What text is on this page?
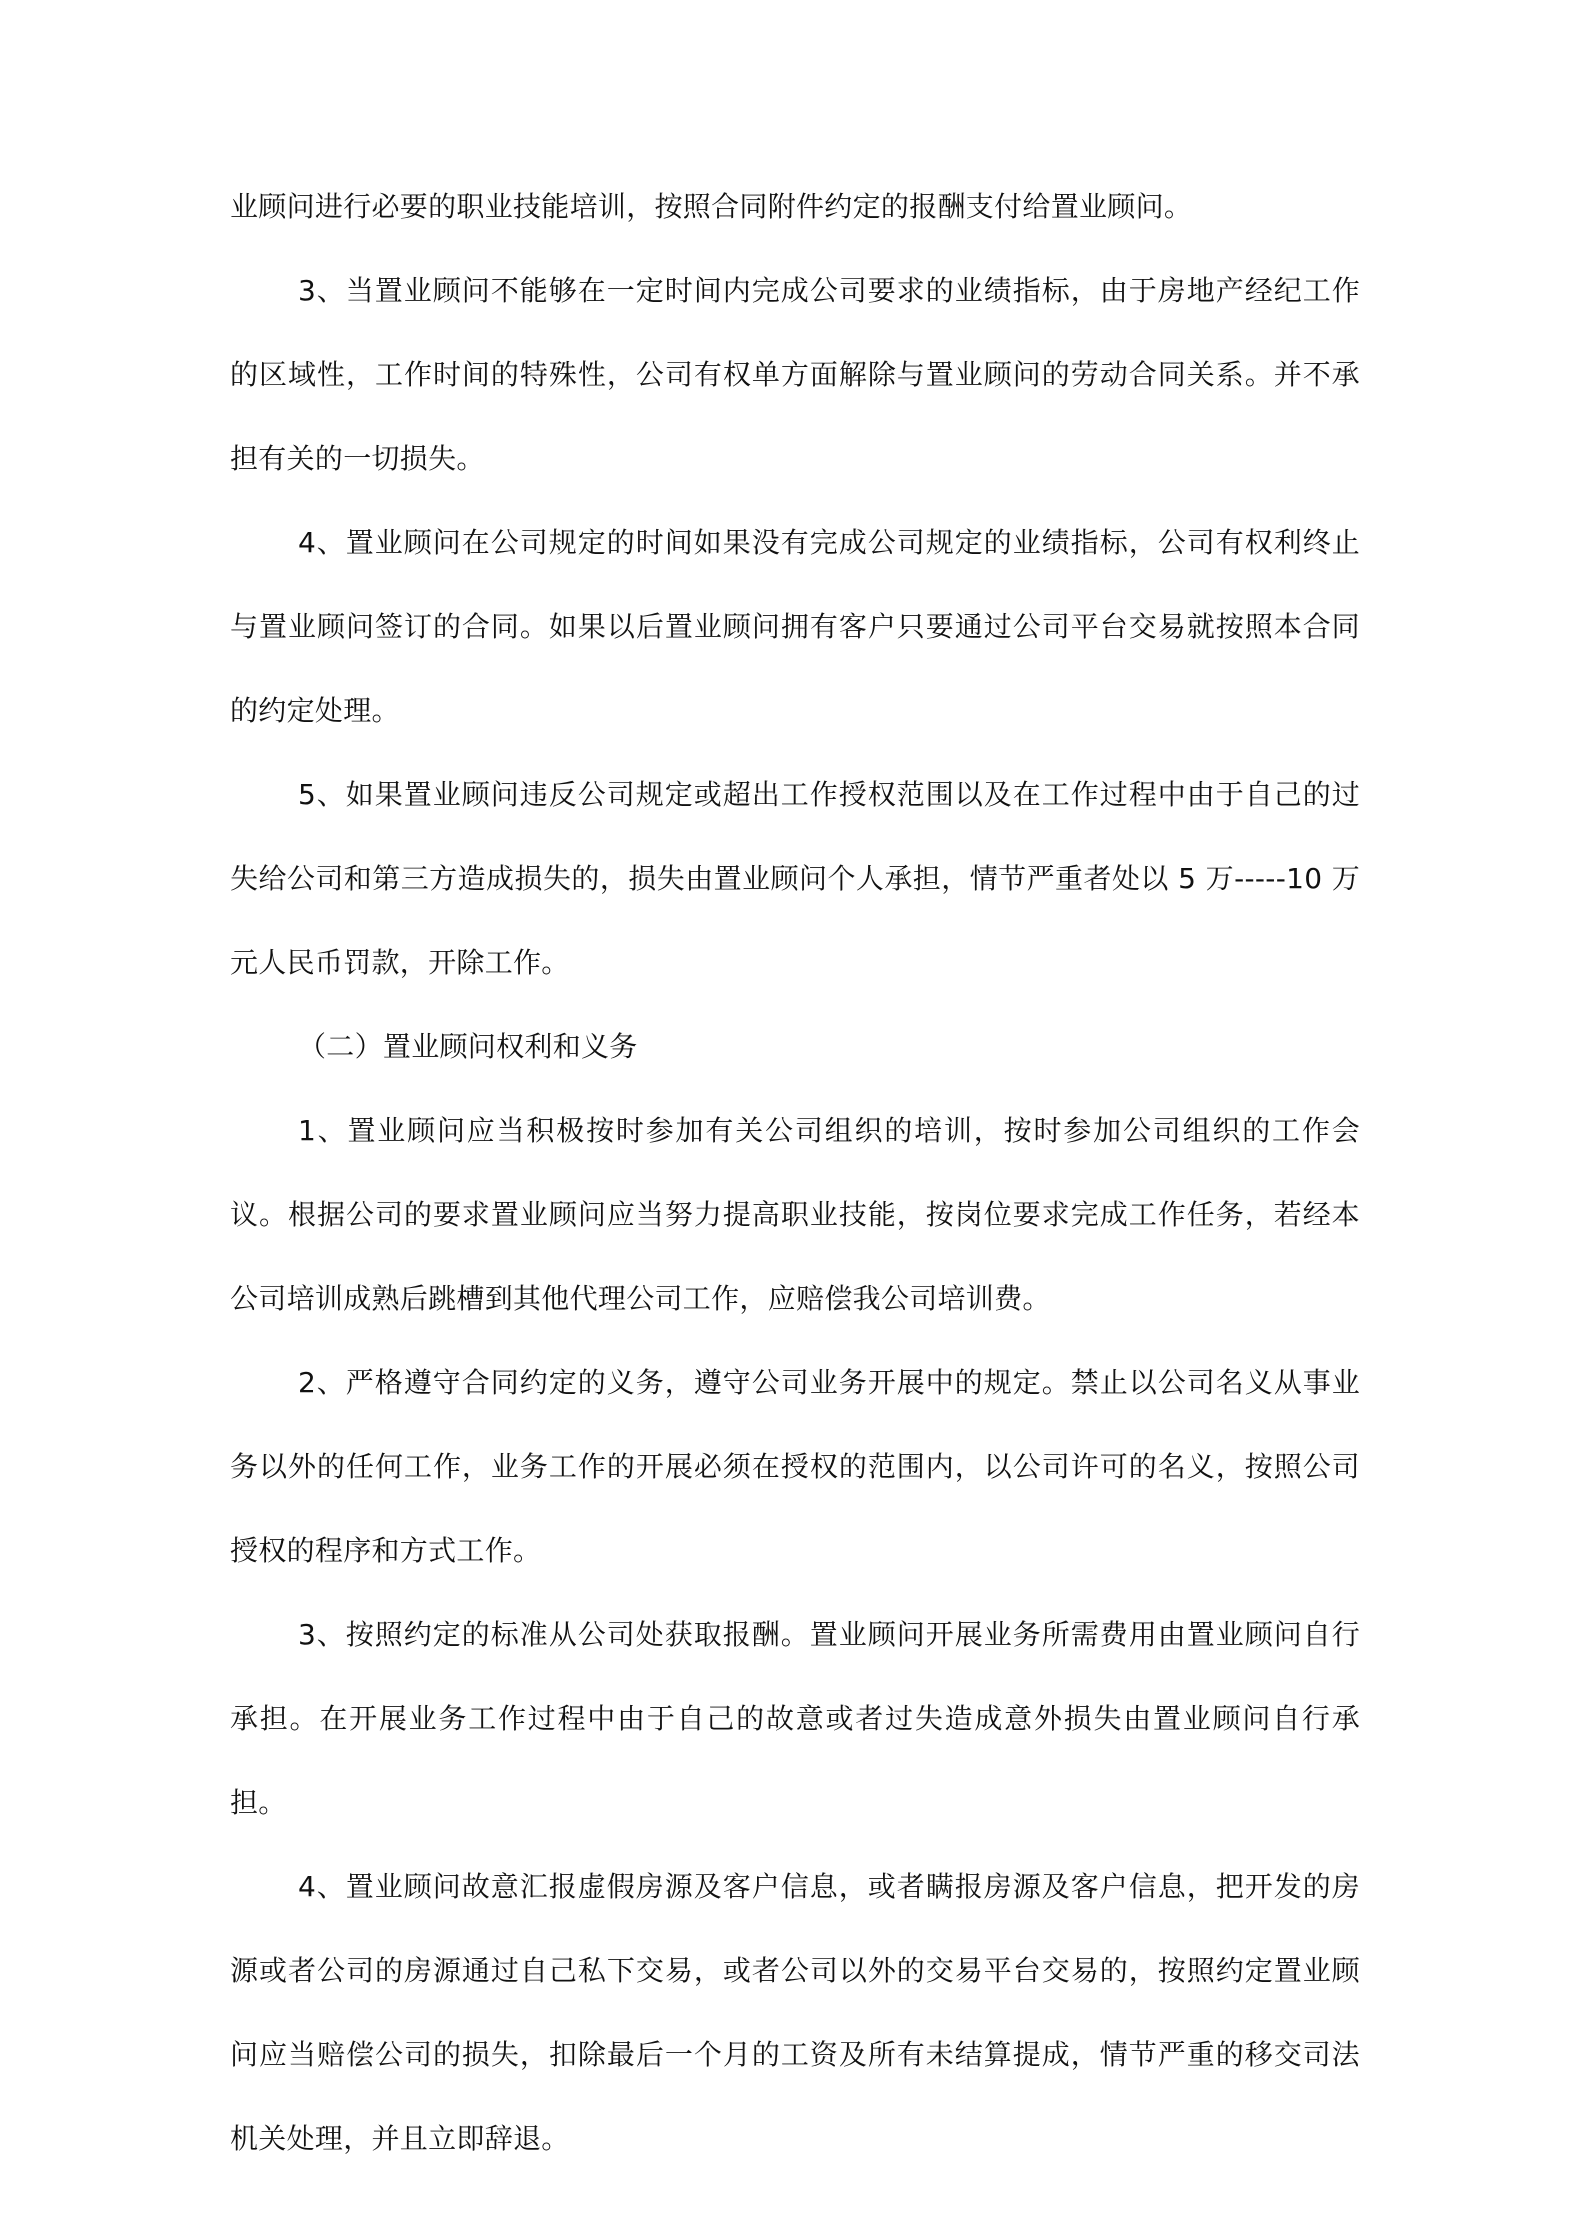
业顾问进行必要的职业技能培训，按照合同附件约定的报酬支付给置业顾问。

3、当置业顾问不能够在一定时间内完成公司要求的业绩指标，由于房地产经纪工作的区域性，工作时间的特殊性，公司有权单方面解除与置业顾问的劳动合同关系。并不承担有关的一切损失。

4、置业顾问在公司规定的时间如果没有完成公司规定的业绩指标，公司有权利终止与置业顾问签订的合同。如果以后置业顾问拥有客户只要通过公司平台交易就按照本合同的约定处理。

5、如果置业顾问违反公司规定或超出工作授权范围以及在工作过程中由于自己的过失给公司和第三方造成损失的，损失由置业顾问个人承担，情节严重者处以 5 万-----10 万元人民币罚款，开除工作。

（二）置业顾问权利和义务

1、置业顾问应当积极按时参加有关公司组织的培训，按时参加公司组织的工作会议。根据公司的要求置业顾问应当努力提高职业技能，按岗位要求完成工作任务，若经本公司培训成熟后跳槽到其他代理公司工作，应赔偿我公司培训费。

2、严格遵守合同约定的义务，遵守公司业务开展中的规定。禁止以公司名义从事业务以外的任何工作，业务工作的开展必须在授权的范围内，以公司许可的名义，按照公司授权的程序和方式工作。

3、按照约定的标准从公司处获取报酬。置业顾问开展业务所需费用由置业顾问自行承担。在开展业务工作过程中由于自己的故意或者过失造成意外损失由置业顾问自行承担。

4、置业顾问故意汇报虚假房源及客户信息，或者瞒报房源及客户信息，把开发的房源或者公司的房源通过自己私下交易，或者公司以外的交易平台交易的，按照约定置业顾问应当赔偿公司的损失，扣除最后一个月的工资及所有未结算提成，情节严重的移交司法机关处理，并且立即辞退。
